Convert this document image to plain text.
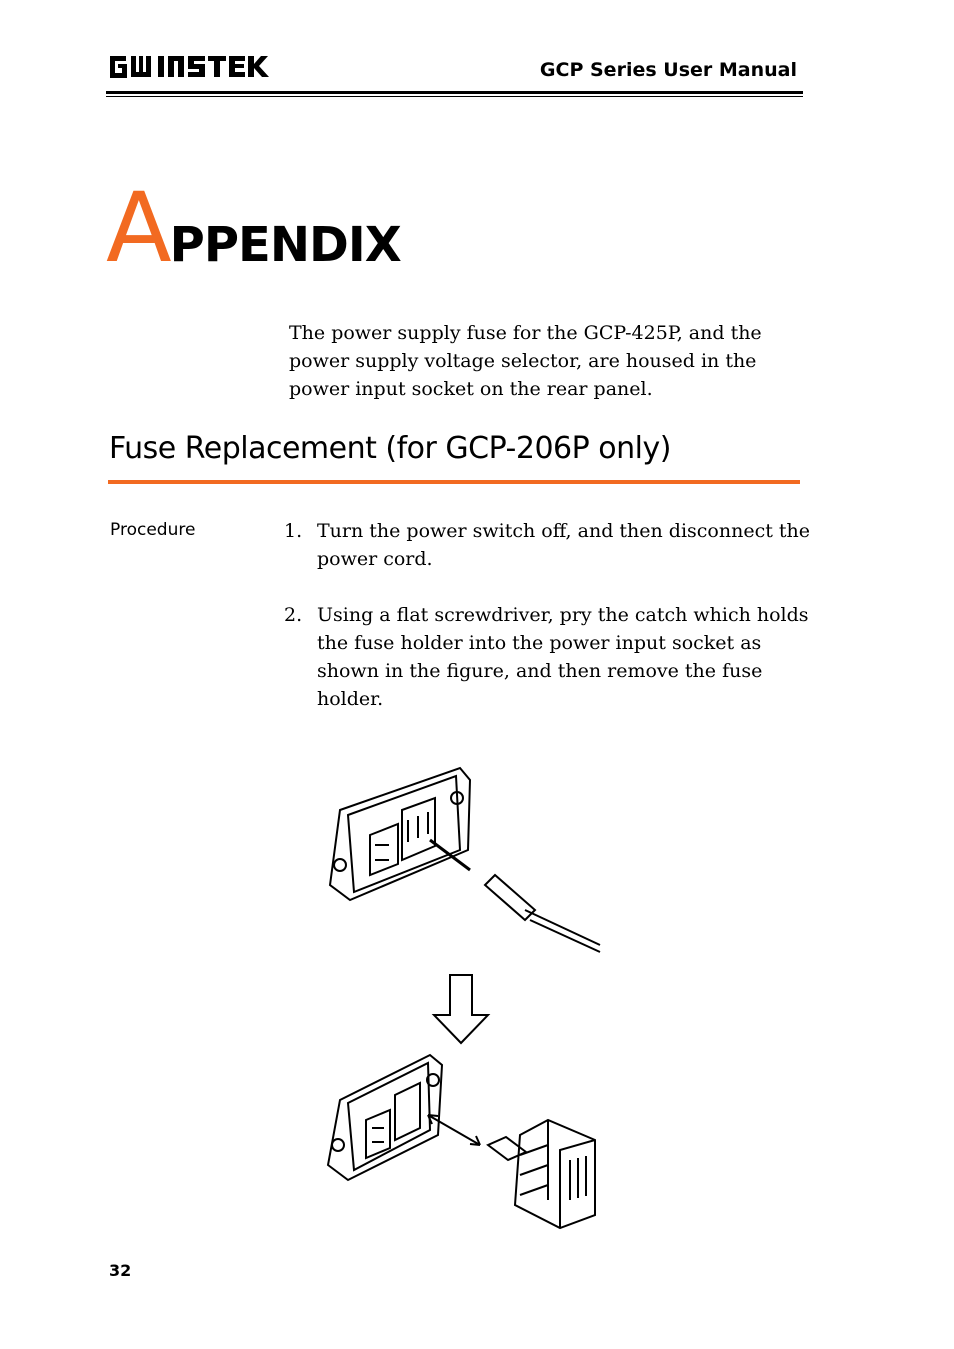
GCP Series User Manual
APPENDIX
The power supply fuse for the GCP-425P, and the power supply voltage selector, are housed in the power input socket on the rear panel.
Fuse Replacement (for GCP-206P only)
Procedure	1. Turn the power switch off, and then disconnect the power cord.
2. Using a flat screwdriver, pry the catch which holds the fuse holder into the power input socket as shown in the figure, and then remove the fuse holder.
32
